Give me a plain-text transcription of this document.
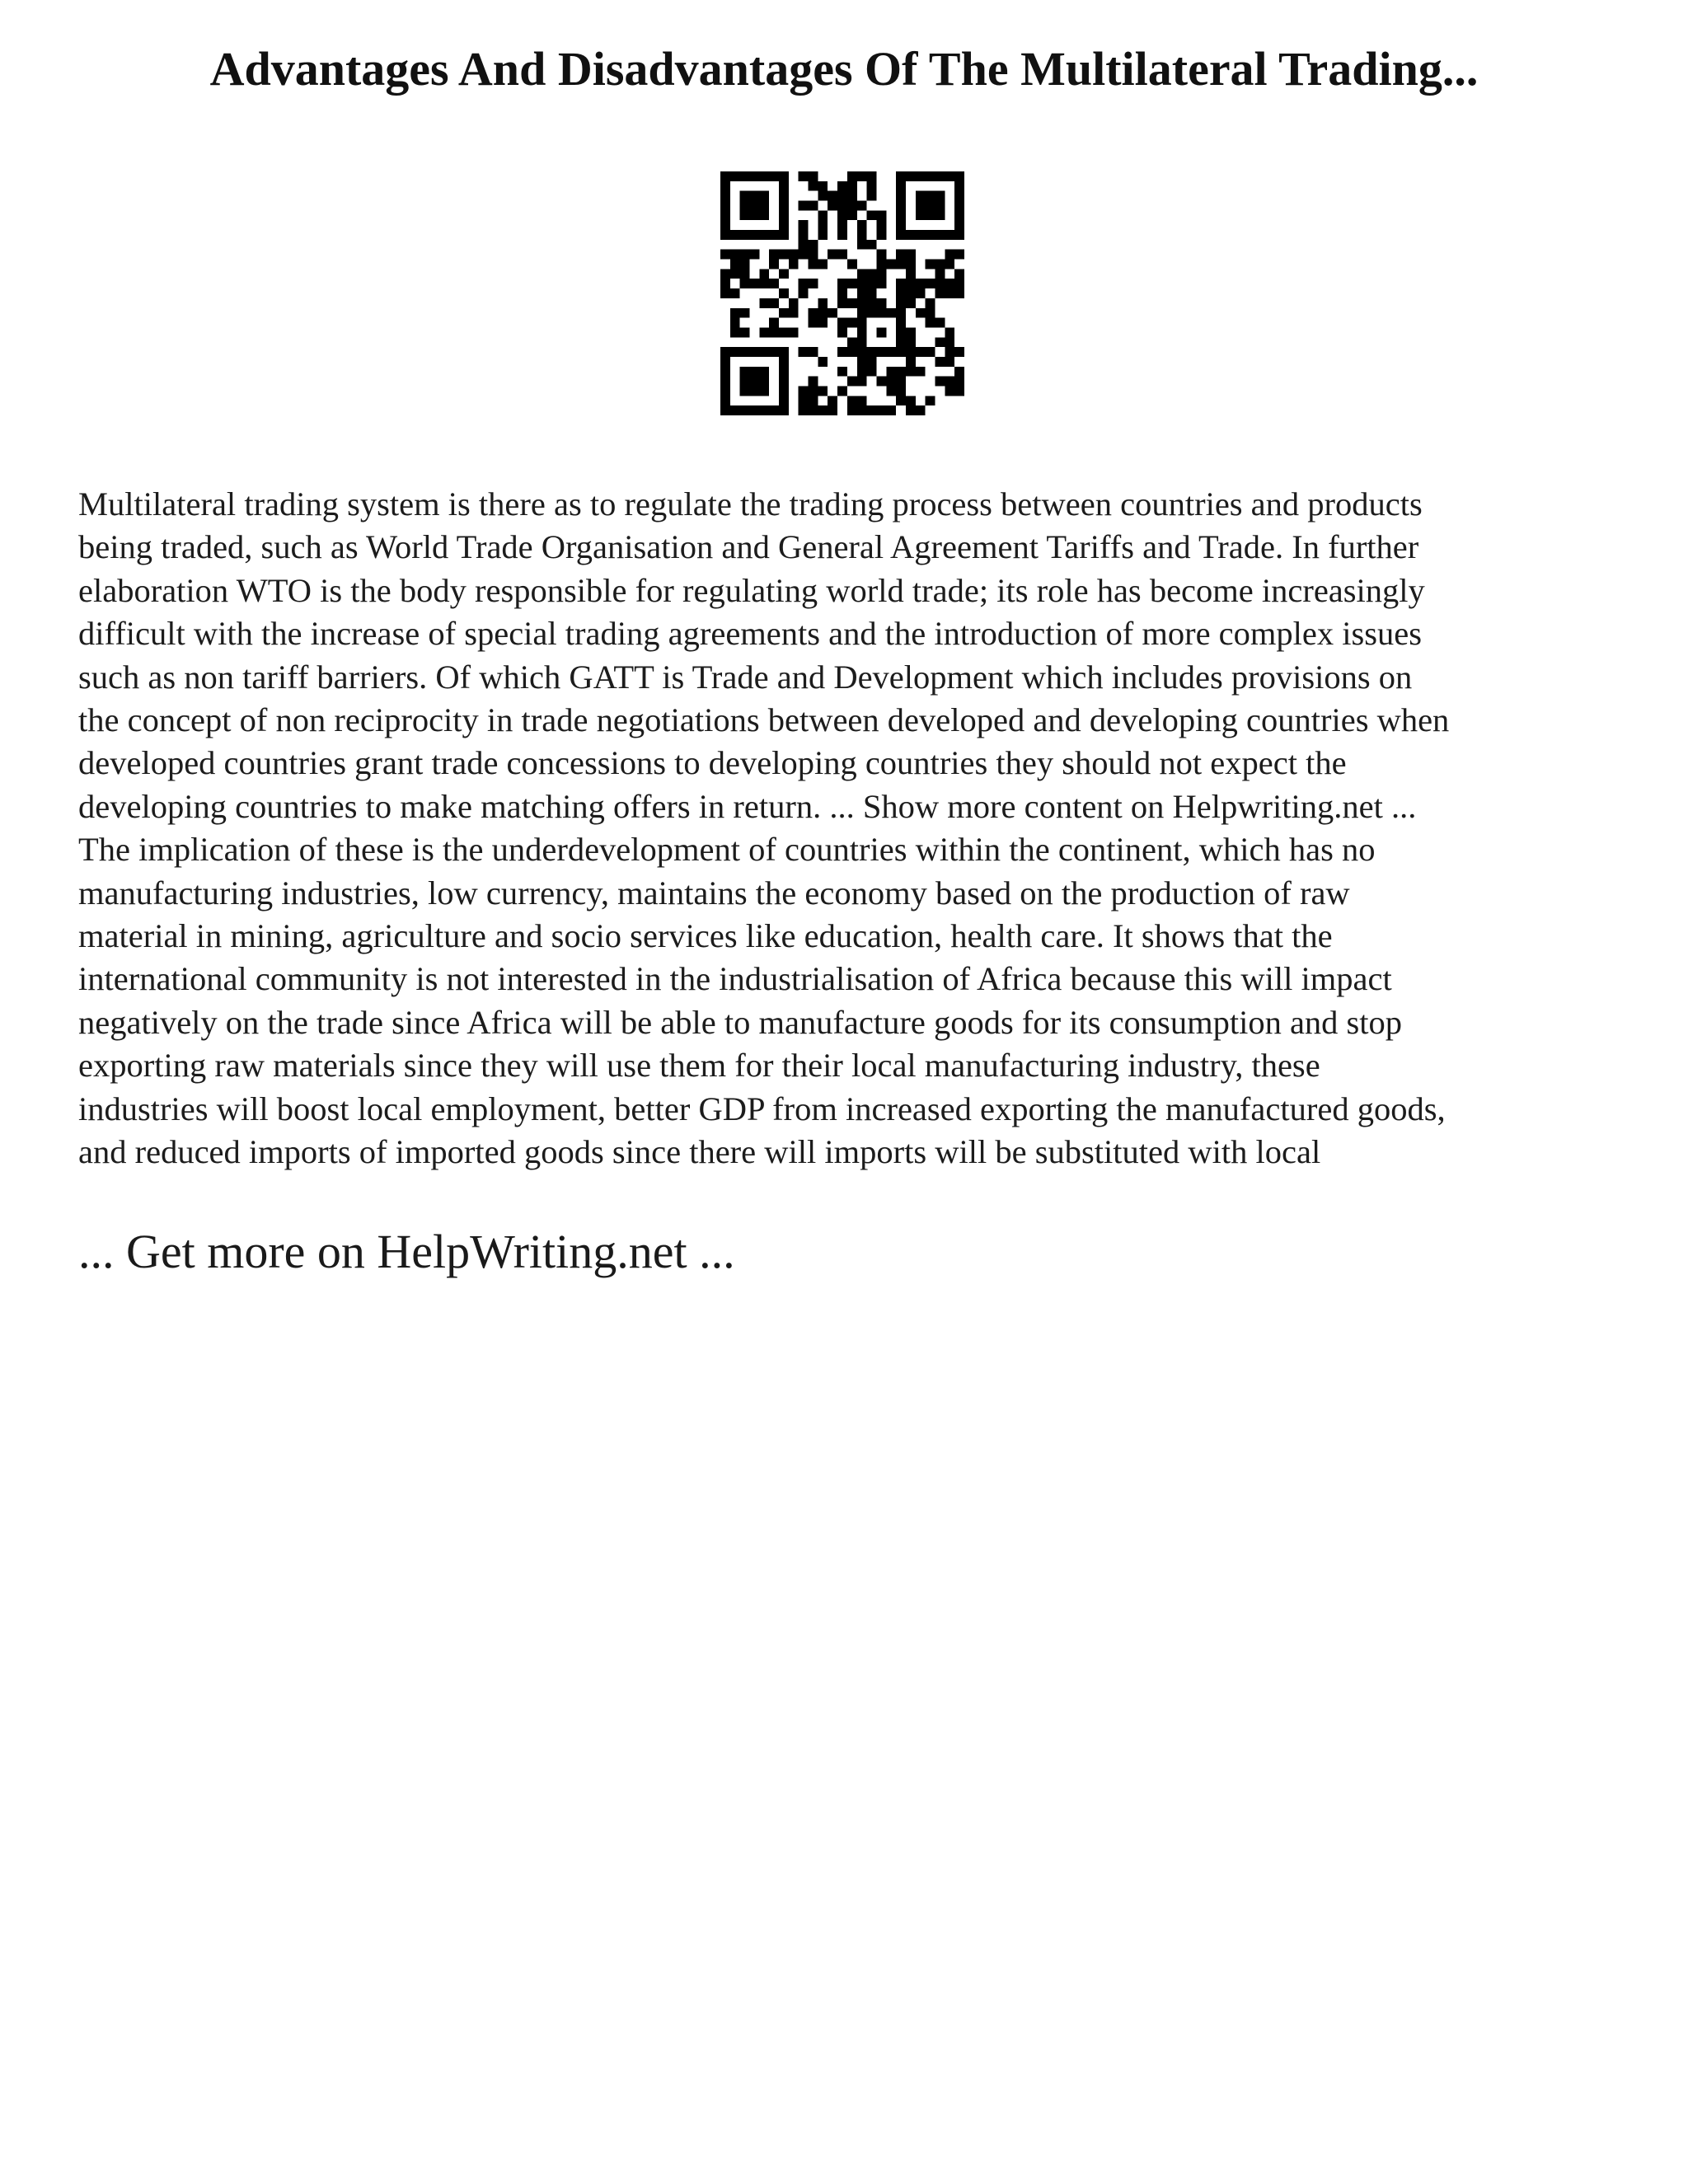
Advantages And Disadvantages Of The Multilateral Trading...

Multilateral trading system is there as to regulate the trading process between countries and products
being traded, such as World Trade Organisation and General Agreement Tariffs and Trade. In further
elaboration WTO is the body responsible for regulating world trade; its role has become increasingly
difficult with the increase of special trading agreements and the introduction of more complex issues
such as non tariff barriers. Of which GATT is Trade and Development which includes provisions on
the concept of non reciprocity in trade negotiations between developed and developing countries when
developed countries grant trade concessions to developing countries they should not expect the
developing countries to make matching offers in return. ... Show more content on Helpwriting.net ...
The implication of these is the underdevelopment of countries within the continent, which has no
manufacturing industries, low currency, maintains the economy based on the production of raw
material in mining, agriculture and socio services like education, health care. It shows that the
international community is not interested in the industrialisation of Africa because this will impact
negatively on the trade since Africa will be able to manufacture goods for its consumption and stop
exporting raw materials since they will use them for their local manufacturing industry, these
industries will boost local employment, better GDP from increased exporting the manufactured goods,
and reduced imports of imported goods since there will imports will be substituted with local

... Get more on HelpWriting.net ...
